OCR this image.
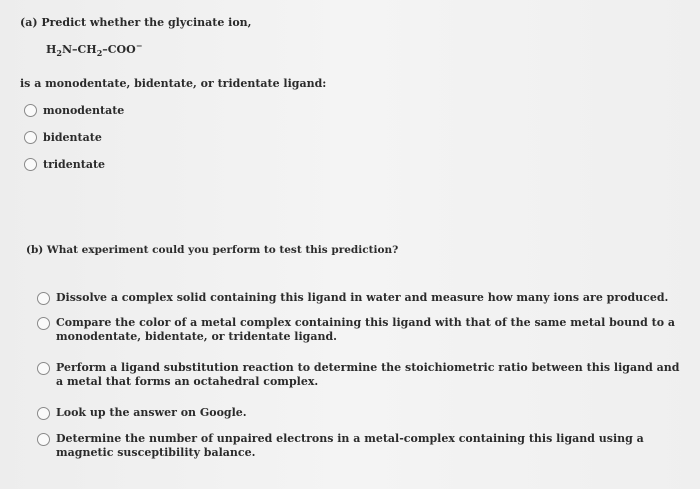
(a) Predict whether the glycinate ion,
$H_2N-CH_2-COO^-$
is a monodentate, bidentate, or tridentate ligand:
monodentate
bidentate
tridentate
(b) What experiment could you perform to test this prediction?
Dissolve a complex solid containing this ligand in water and measure how many ions are produced.
Compare the color of a metal complex containing this ligand with that of the same metal bound to a monodentate, bidentate, or tridentate ligand.
Perform a ligand substitution reaction to determine the stoichiometric ratio between this ligand and a metal that forms an octahedral complex.
Look up the answer on Google.
Determine the number of unpaired electrons in a metal-complex containing this ligand using a magnetic susceptibility balance.
